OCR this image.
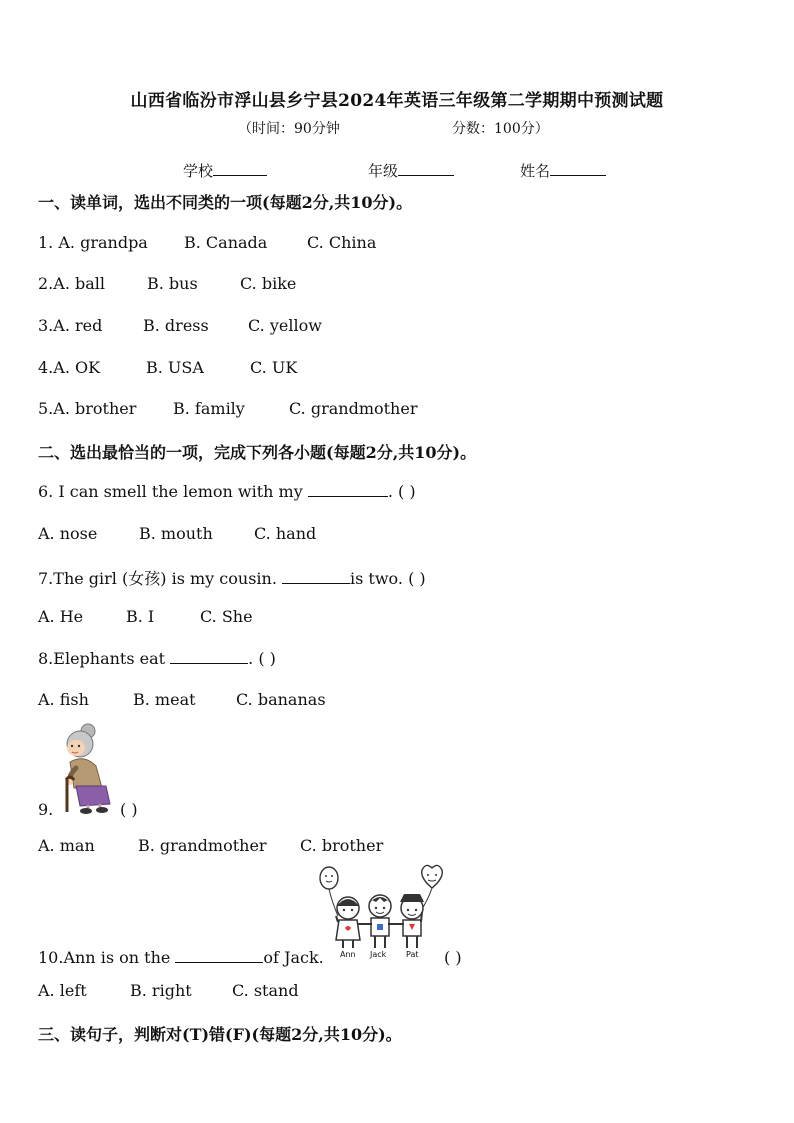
山西省临汾市浮山县乡宁县2024年英语三年级第二学期期中预测试题
（时间：90分钟	分数：100分）
学校	年级	姓名
一、读单词，选出不同类的一项(每题2分,共10分)。
1. A. grandpa B. Canada C. China
2.A. ball	B. bus	C. bike
3.A. red	B. dress C. yellow
4.A. OK	B. USA	C. UK
5.A. brother B. family	C. grandmother
二、选出最恰当的一项，完成下列各小题(每题2分,共10分)。
6. I can smell the lemon with my	. ( )
A. nose	B. mouth	C. hand
7.The girl (女孩) is my cousin.	is two. ( )
A. He	B. I	C. She
8.Elephants eat	. ( )
A. fish	B. meat	C. bananas
9.	( )
A. man	B. grandmother C. brother
Ann Jack Pat
10.Ann is on the	of Jack.	( )
A. left	B. right	C. stand
三、读句子，判断对(T)错(F)(每题2分,共10分)。
